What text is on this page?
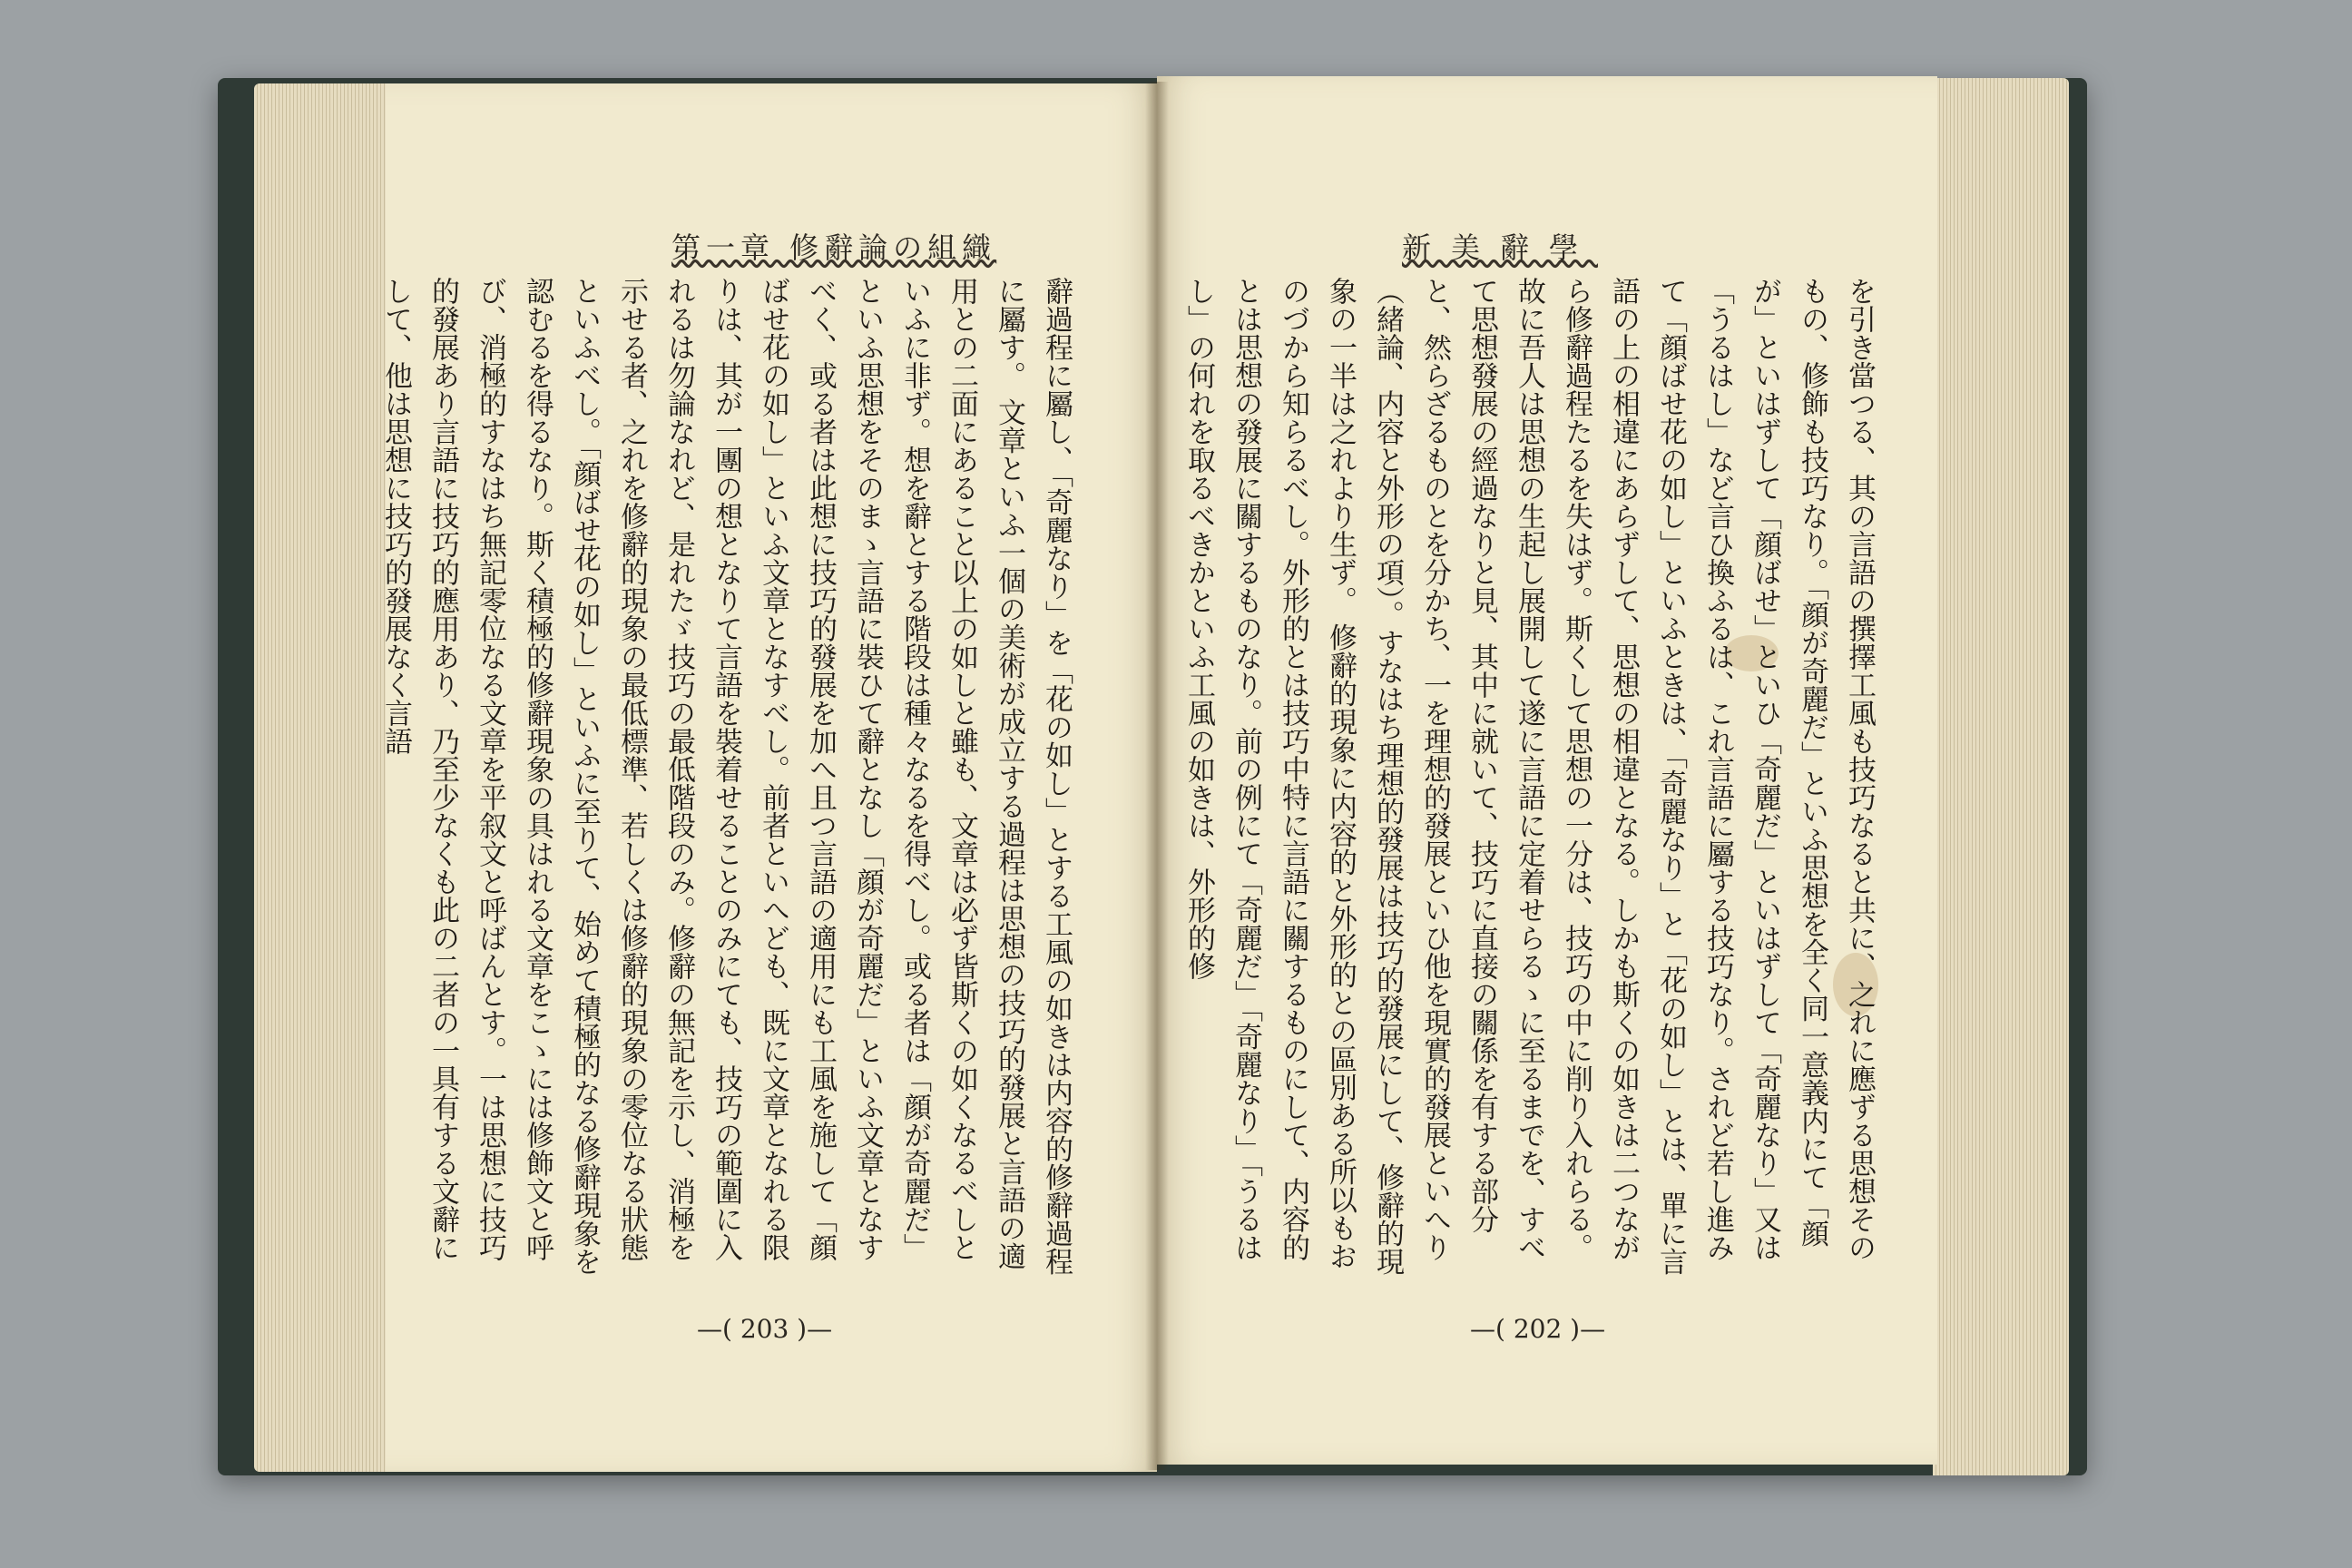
第一章 修辭論の組織	新美辭學

辭過程に屬し、「奇麗なり」を「花の如し」とする工風の如きは内容的修辭過程に屬す。 文章といふ一個の美術が成立する過程は思想の技巧的發展と言語の適用との二面にあること以上の如しと雖も、文章は必ず皆斯くの如くなるべしといふに非ず。想を辭とする階段は種々なるを得べし。或る者は「顔が奇麗だ」といふ思想をそのまゝ言語に裝ひて辭となし「顔が奇麗だ」といふ文章となすべく、或る者は此想に技巧的發展を加へ且つ言語の適用にも工風を施して「顔ばせ花の如し」といふ文章となすべし。前者といへども、既に文章となれる限りは、其が一團の想となりて言語を裝着せることのみにても、技巧の範圍に入れるは勿論なれど、是れたゞ技巧の最低階段のみ。修辭の無記を示し、消極を示せる者、之れを修辭的現象の最低標準、若しくは修辭的現象の零位なる狀態といふべし。「顔ばせ花の如し」といふに至りて、始めて積極的なる修辭現象を認むるを得るなり。斯く積極的修辭現象の具はれる文章をこゝには修飾文と呼び、消極的すなはち無記零位なる文章を平叙文と呼ばんとす。一は思想に技巧的發展あり言語に技巧的應用あり、乃至少なくも此の二者の一具有する文辭にして、他は思想に技巧的發展なく言語	を引き當つる、其の言語の撰擇工風も技巧なると共に、之れに應ずる思想そのもの、修飾も技巧なり。「顔が奇麗だ」といふ思想を全く同一意義内にて「顔が」といはずして「顔ばせ」といひ「奇麗だ」といはずして「奇麗なり」又は「うるはし」など言ひ換ふるは、これ言語に屬する技巧なり。されど若し進みて「顔ばせ花の如し」といふときは、「奇麗なり」と「花の如し」とは、單に言語の上の相違にあらずして、思想の相違となる。しかも斯くの如きは二つながら修辭過程たるを失はず。斯くして思想の一分は、技巧の中に削り入れらる。故に吾人は思想の生起し展開して遂に言語に定着せらるゝに至るまでを、すべて思想發展の經過なりと見、其中に就いて、技巧に直接の關係を有する部分と、然らざるものとを分かち、一を理想的發展といひ他を現實的發展といへり（緒論、内容と外形の項）。すなはち理想的發展は技巧的發展にして、修辭的現象の一半は之れより生ず。 修辭的現象に内容的と外形的との區別ある所以もおのづから知らるべし。外形的とは技巧中特に言語に關するものにして、内容的とは思想の發展に關するものなり。前の例にて「奇麗だ」「奇麗なり」「うるはし」の何れを取るべきかといふ工風の如きは、外形的修

—( 203 )—	—( 202 )—
